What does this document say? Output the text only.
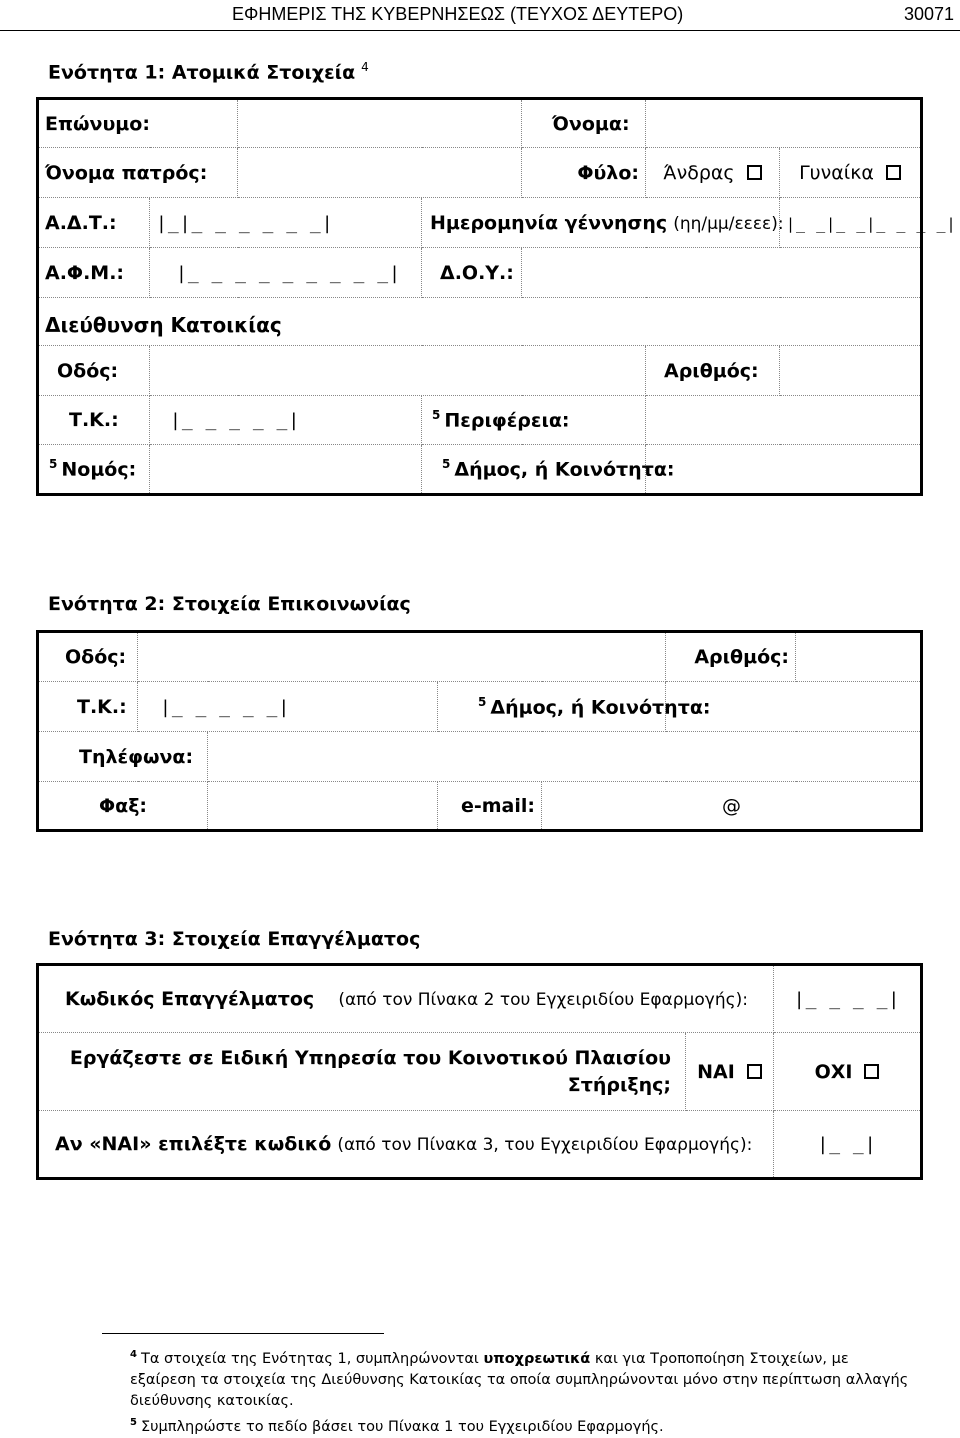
ΕΦΗΜΕΡΙΣ ΤΗΣ ΚΥΒΕΡΝΗΣΕΩΣ (ΤΕΥΧΟΣ ΔΕΥΤΕΡΟ)	30071
Ενότητα 1: Ατομικά Στοιχεία $^4$
Επώνυμο:				Όνομα:		
Όνομα πατρός:				Φύλο:	Άνδρας	Γυναίκα
Α.Δ.Τ.:	|_|_ _ _ _ _ _|		Ημερομηνία γέννησης (ηη/μμ/εεεε):			|_ _|_ _|_ _ _ _|
Α.Φ.Μ.:	|_ _ _ _ _ _ _ _ _|		Δ.Ο.Υ.:			
Διεύθυνση Κατοικίας						
Οδός:					Αριθμός:	
Τ.Κ.:	|_ _ _ _ _|		$^5$ Περιφέρεια:			
$^5$ Νομός:			$^5$ Δήμος, ή Κοινότητα:			
Ενότητα 2: Στοιχεία Επικοινωνίας
Οδός:					Αριθμός:	
Τ.Κ.:	|_ _ _ _ _|		$^5$ Δήμος, ή Κοινότητα:			
Τηλέφωνα:						
Φαξ:			e-mail:	@		
Ενότητα 3: Στοιχεία Επαγγέλματος
Κωδικός Επαγγέλματος (από τον Πίνακα 2 του Εγχειριδίου Εφαρμογής):		|_ _ _ _|
Εργάζεστε σε Ειδική Υπηρεσία του Κοινοτικού Πλαισίου
Στήριξης;	ΝΑΙ	ΟΧΙ
Αν «ΝΑΙ» επιλέξτε κωδικό (από τον Πίνακα 3, του Εγχειριδίου Εφαρμογής):		|_ _|

$^4$ Τα στοιχεία της Ενότητας 1, συμπληρώνονται υποχρεωτικά και για Τροποποίηση Στοιχείων, με εξαίρεση τα στοιχεία της Διεύθυνσης Κατοικίας τα οποία συμπληρώνονται μόνο στην περίπτωση αλλαγής διεύθυνσης κατοικίας.

$^5$ Συμπληρώστε το πεδίο βάσει του Πίνακα 1 του Εγχειριδίου Εφαρμογής.
